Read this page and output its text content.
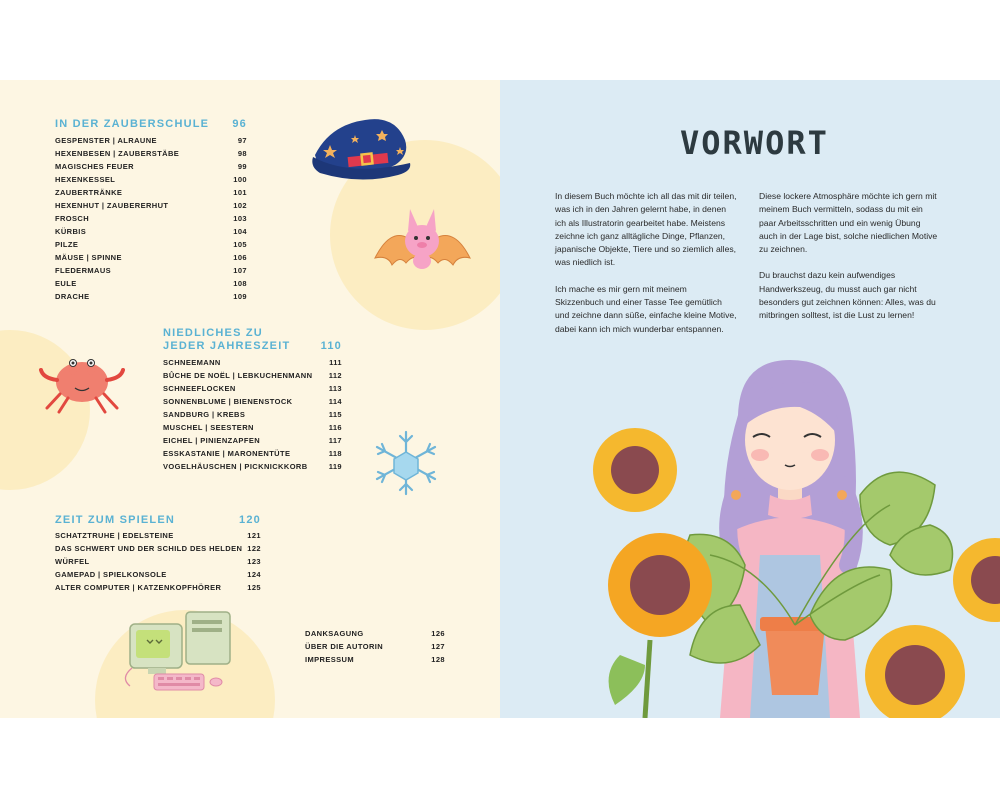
IN DER ZAUBERSCHULE 96
GESPENSTER | ALRAUNE	97
HEXENBESEN | ZAUBERSTÄBE	98
MAGISCHES FEUER	99
HEXENKESSEL	100
ZAUBERTRÄNKE	101
HEXENHUT | ZAUBERERHUT	102
FROSCH	103
KÜRBIS	104
PILZE	105
MÄUSE | SPINNE	106
FLEDERMAUS	107
EULE	108
DRACHE	109
NIEDLICHES ZU
JEDER JAHRESZEIT	110
SCHNEEMANN	111
BÛCHE DE NOËL | LEBKUCHENMANN 112
SCHNEEFLOCKEN	113
SONNENBLUME | BIENENSTOCK	114
SANDBURG | KREBS	115
MUSCHEL | SEESTERN	116
EICHEL | PINIENZAPFEN	117
ESSKASTANIE | MARONENTÜTE	118
VOGELHÄUSCHEN | PICKNICKKORB	119
ZEIT ZUM SPIELEN	120
SCHATZTRUHE | EDELSTEINE	121
DAS SCHWERT UND DER SCHILD DES HELDEN 122
WÜRFEL	123
GAMEPAD | SPIELKONSOLE	124
ALTER COMPUTER | KATZENKOPFHÖRER	125
DANKSAGUNG	126
ÜBER DIE AUTORIN	127
IMPRESSUM	128
VORWORT

In diesem Buch möchte ich all das mit dir teilen, was ich in den Jahren gelernt habe, in denen ich als Illustratorin gearbeitet habe. Meistens zeichne ich ganz alltägliche Dinge, Pflanzen, japanische Objekte, Tiere und so ziemlich alles, was niedlich ist.

Ich mache es mir gern mit meinem Skizzenbuch und einer Tasse Tee gemütlich und zeichne dann süße, einfache kleine Motive, dabei kann ich mich wunderbar entspannen.

Diese lockere Atmosphäre möchte ich gern mit meinem Buch vermitteln, sodass du mit ein paar Arbeitsschritten und ein wenig Übung auch in der Lage bist, solche niedlichen Motive zu zeichnen.

Du brauchst dazu kein aufwendiges Handwerkszeug, du musst auch gar nicht besonders gut zeichnen können: Alles, was du mitbringen solltest, ist die Lust zu lernen!
